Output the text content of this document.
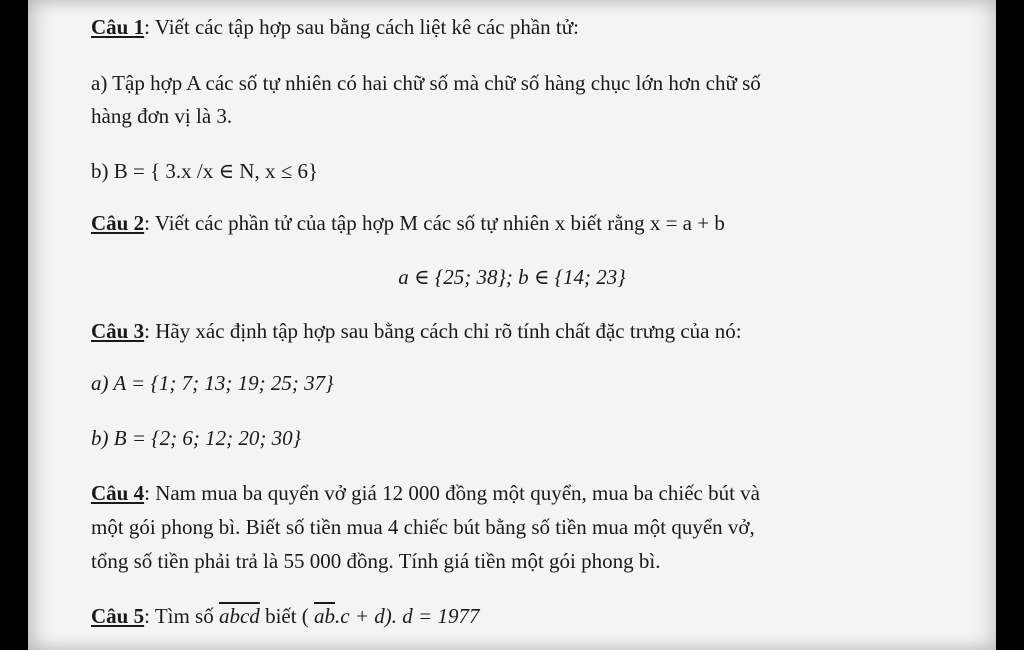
Câu 1: Viết các tập hợp sau bằng cách liệt kê các phần tử:
a) Tập hợp A các số tự nhiên có hai chữ số mà chữ số hàng chục lớn hơn chữ số
hàng đơn vị là 3.
b) B = { 3.x /x ∈ N, x ≤ 6}
Câu 2: Viết các phần tử của tập hợp M các số tự nhiên x biết rằng x = a + b
a ∈ {25; 38}; b ∈ {14; 23}
Câu 3: Hãy xác định tập hợp sau bằng cách chỉ rõ tính chất đặc trưng của nó:
a) A = {1; 7; 13; 19; 25; 37}
b) B = {2; 6; 12; 20; 30}
Câu 4: Nam mua ba quyển vở giá 12 000 đồng một quyển, mua ba chiếc bút và
một gói phong bì. Biết số tiền mua 4 chiếc bút bằng số tiền mua một quyển vở,
tổng số tiền phải trả là 55 000 đồng. Tính giá tiền một gói phong bì.
Câu 5: Tìm số abcd biết ( $\overline{ab}.c + d$). d = 1977
